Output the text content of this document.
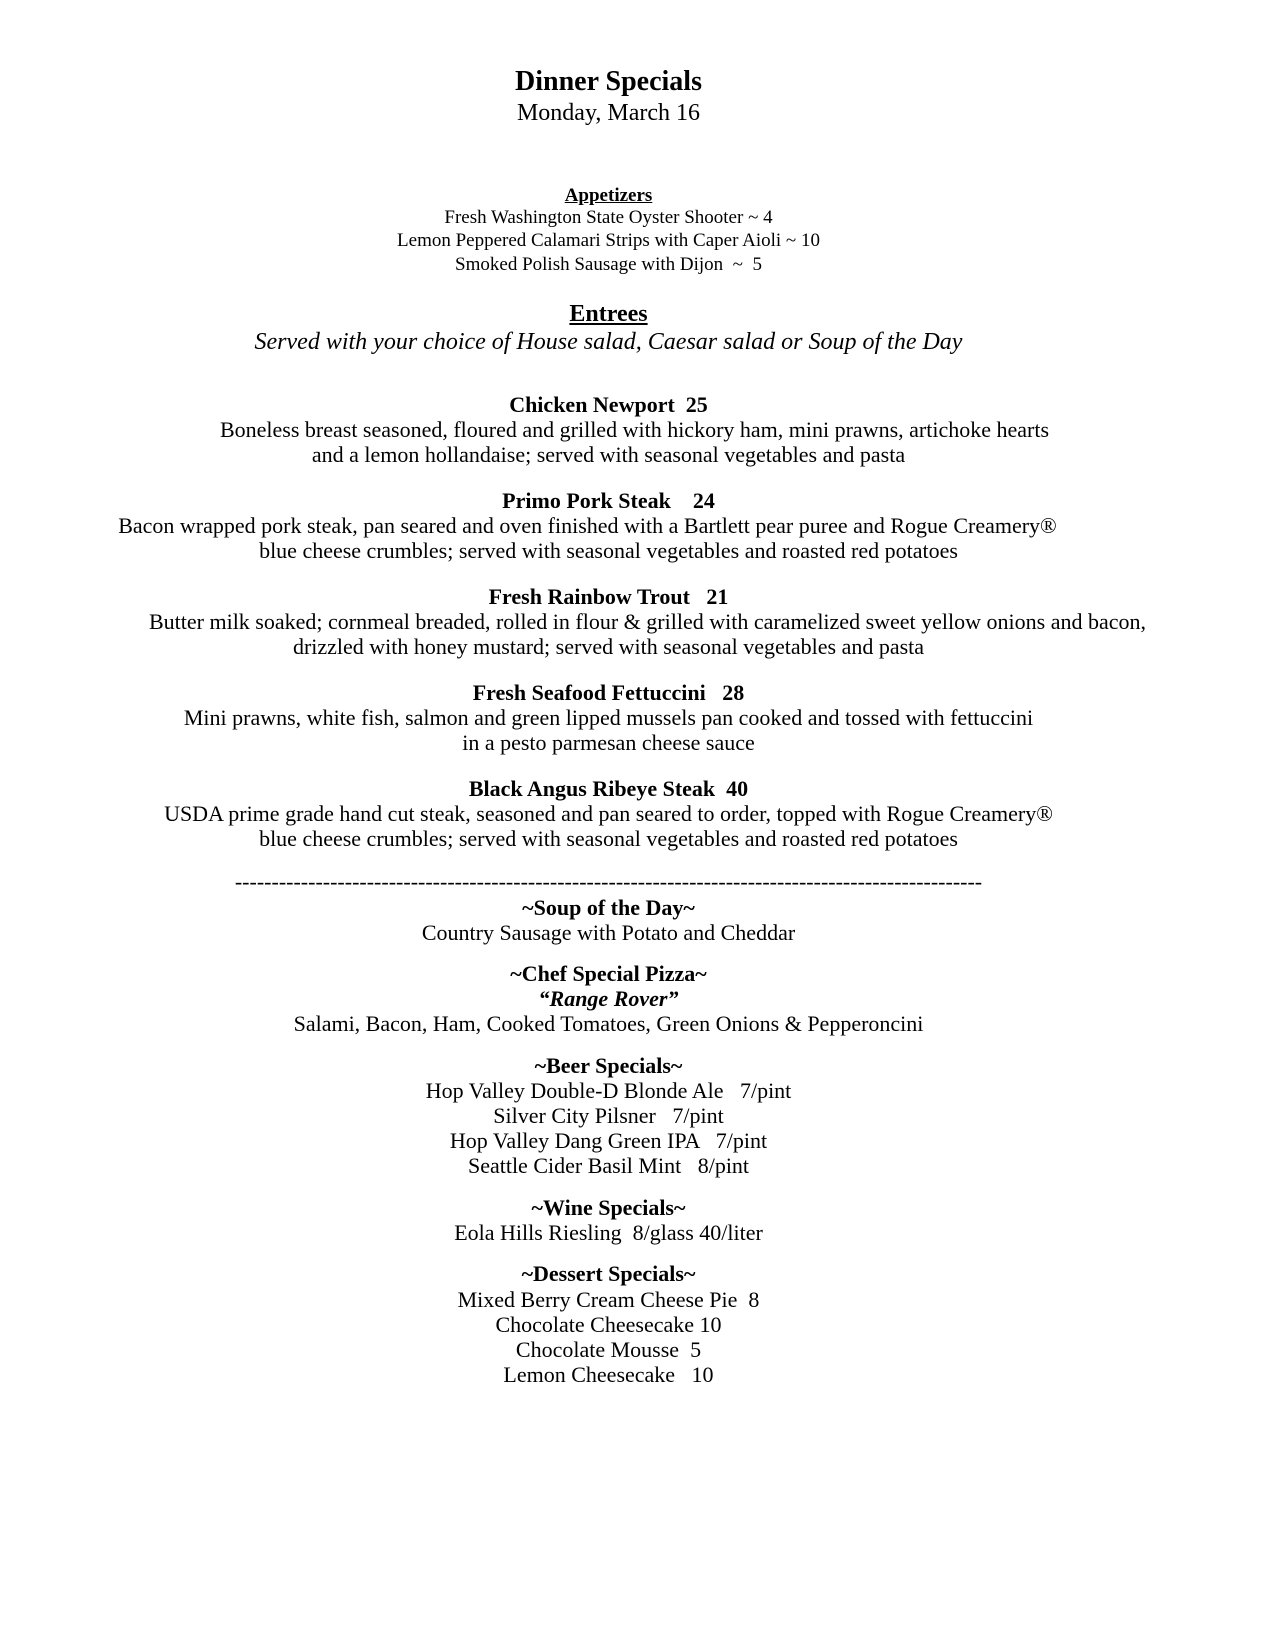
Dinner Specials
Monday, March 16
Appetizers
Fresh Washington State Oyster Shooter ~ 4
Lemon Peppered Calamari Strips with Caper Aioli ~ 10
Smoked Polish Sausage with Dijon  ~  5
Entrees
Served with your choice of House salad, Caesar salad or Soup of the Day
Chicken Newport  25
Boneless breast seasoned, floured and grilled with hickory ham, mini prawns, artichoke hearts
and a lemon hollandaise; served with seasonal vegetables and pasta
Primo Pork Steak    24
Bacon wrapped pork steak, pan seared and oven finished with a Bartlett pear puree and Rogue Creamery®
blue cheese crumbles; served with seasonal vegetables and roasted red potatoes
Fresh Rainbow Trout   21
Butter milk soaked; cornmeal breaded, rolled in flour & grilled with caramelized sweet yellow onions and bacon,
drizzled with honey mustard; served with seasonal vegetables and pasta
Fresh Seafood Fettuccini   28
Mini prawns, white fish, salmon and green lipped mussels pan cooked and tossed with fettuccini
in a pesto parmesan cheese sauce
Black Angus Ribeye Steak  40
USDA prime grade hand cut steak, seasoned and pan seared to order, topped with Rogue Creamery®
blue cheese crumbles; served with seasonal vegetables and roasted red potatoes
------------------------------------------------------------------------------------------------------
~Soup of the Day~
Country Sausage with Potato and Cheddar
~Chef Special Pizza~
“Range Rover”
Salami, Bacon, Ham, Cooked Tomatoes, Green Onions & Pepperoncini
~Beer Specials~
Hop Valley Double-D Blonde Ale   7/pint
Silver City Pilsner   7/pint
Hop Valley Dang Green IPA   7/pint
Seattle Cider Basil Mint   8/pint
~Wine Specials~
Eola Hills Riesling  8/glass 40/liter
~Dessert Specials~
Mixed Berry Cream Cheese Pie  8
Chocolate Cheesecake 10
Chocolate Mousse  5
Lemon Cheesecake   10
